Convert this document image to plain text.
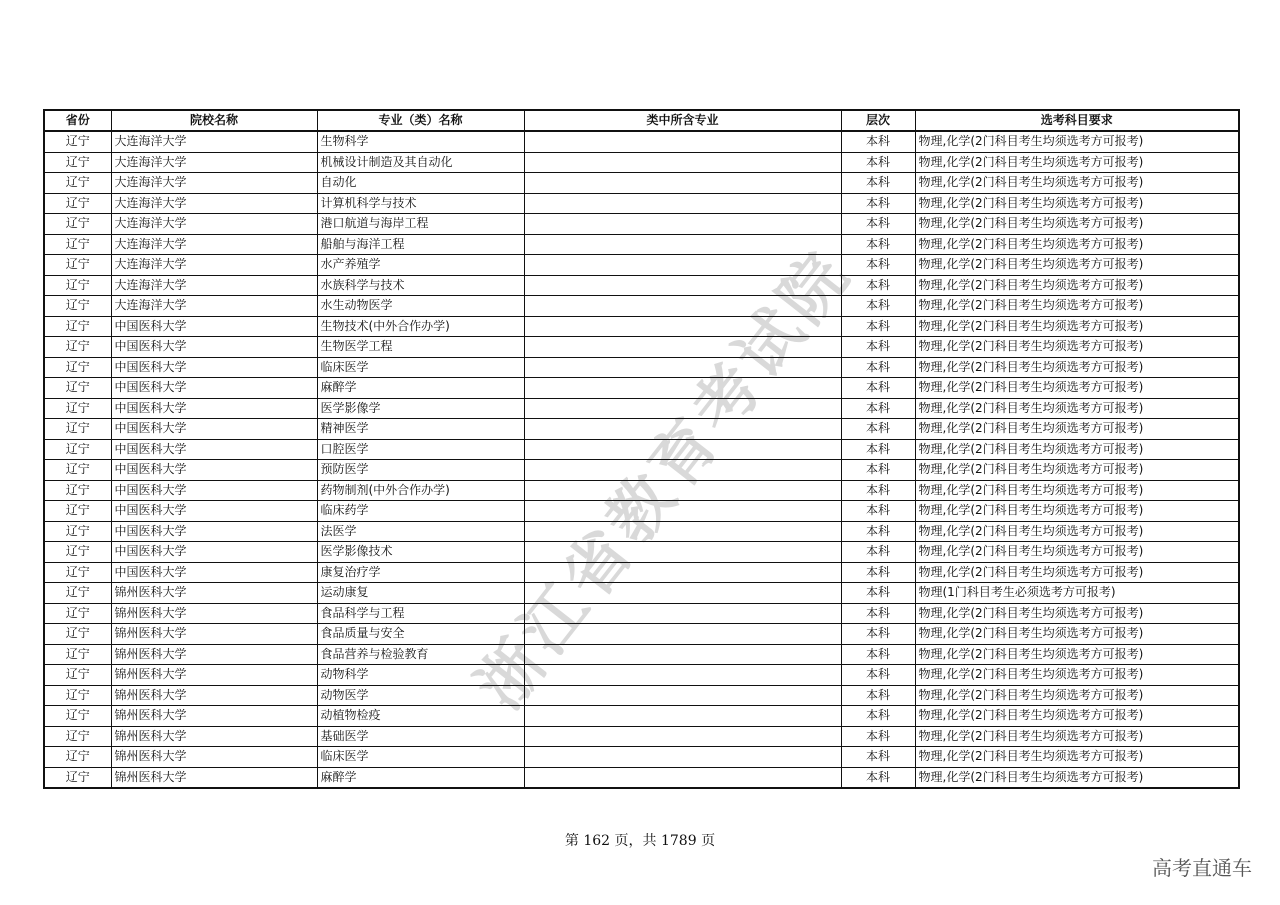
浙江省教育考试院
省份	院校名称	专业（类）名称	类中所含专业	层次	选考科目要求
辽宁	大连海洋大学	生物科学		本科	物理,化学(2门科目考生均须选考方可报考)
辽宁	大连海洋大学	机械设计制造及其自动化		本科	物理,化学(2门科目考生均须选考方可报考)
辽宁	大连海洋大学	自动化		本科	物理,化学(2门科目考生均须选考方可报考)
辽宁	大连海洋大学	计算机科学与技术		本科	物理,化学(2门科目考生均须选考方可报考)
辽宁	大连海洋大学	港口航道与海岸工程		本科	物理,化学(2门科目考生均须选考方可报考)
辽宁	大连海洋大学	船舶与海洋工程		本科	物理,化学(2门科目考生均须选考方可报考)
辽宁	大连海洋大学	水产养殖学		本科	物理,化学(2门科目考生均须选考方可报考)
辽宁	大连海洋大学	水族科学与技术		本科	物理,化学(2门科目考生均须选考方可报考)
辽宁	大连海洋大学	水生动物医学		本科	物理,化学(2门科目考生均须选考方可报考)
辽宁	中国医科大学	生物技术(中外合作办学)		本科	物理,化学(2门科目考生均须选考方可报考)
辽宁	中国医科大学	生物医学工程		本科	物理,化学(2门科目考生均须选考方可报考)
辽宁	中国医科大学	临床医学		本科	物理,化学(2门科目考生均须选考方可报考)
辽宁	中国医科大学	麻醉学		本科	物理,化学(2门科目考生均须选考方可报考)
辽宁	中国医科大学	医学影像学		本科	物理,化学(2门科目考生均须选考方可报考)
辽宁	中国医科大学	精神医学		本科	物理,化学(2门科目考生均须选考方可报考)
辽宁	中国医科大学	口腔医学		本科	物理,化学(2门科目考生均须选考方可报考)
辽宁	中国医科大学	预防医学		本科	物理,化学(2门科目考生均须选考方可报考)
辽宁	中国医科大学	药物制剂(中外合作办学)		本科	物理,化学(2门科目考生均须选考方可报考)
辽宁	中国医科大学	临床药学		本科	物理,化学(2门科目考生均须选考方可报考)
辽宁	中国医科大学	法医学		本科	物理,化学(2门科目考生均须选考方可报考)
辽宁	中国医科大学	医学影像技术		本科	物理,化学(2门科目考生均须选考方可报考)
辽宁	中国医科大学	康复治疗学		本科	物理,化学(2门科目考生均须选考方可报考)
辽宁	锦州医科大学	运动康复		本科	物理(1门科目考生必须选考方可报考)
辽宁	锦州医科大学	食品科学与工程		本科	物理,化学(2门科目考生均须选考方可报考)
辽宁	锦州医科大学	食品质量与安全		本科	物理,化学(2门科目考生均须选考方可报考)
辽宁	锦州医科大学	食品营养与检验教育		本科	物理,化学(2门科目考生均须选考方可报考)
辽宁	锦州医科大学	动物科学		本科	物理,化学(2门科目考生均须选考方可报考)
辽宁	锦州医科大学	动物医学		本科	物理,化学(2门科目考生均须选考方可报考)
辽宁	锦州医科大学	动植物检疫		本科	物理,化学(2门科目考生均须选考方可报考)
辽宁	锦州医科大学	基础医学		本科	物理,化学(2门科目考生均须选考方可报考)
辽宁	锦州医科大学	临床医学		本科	物理,化学(2门科目考生均须选考方可报考)
辽宁	锦州医科大学	麻醉学		本科	物理,化学(2门科目考生均须选考方可报考)
第 162 页，共 1789 页
高考直通车
